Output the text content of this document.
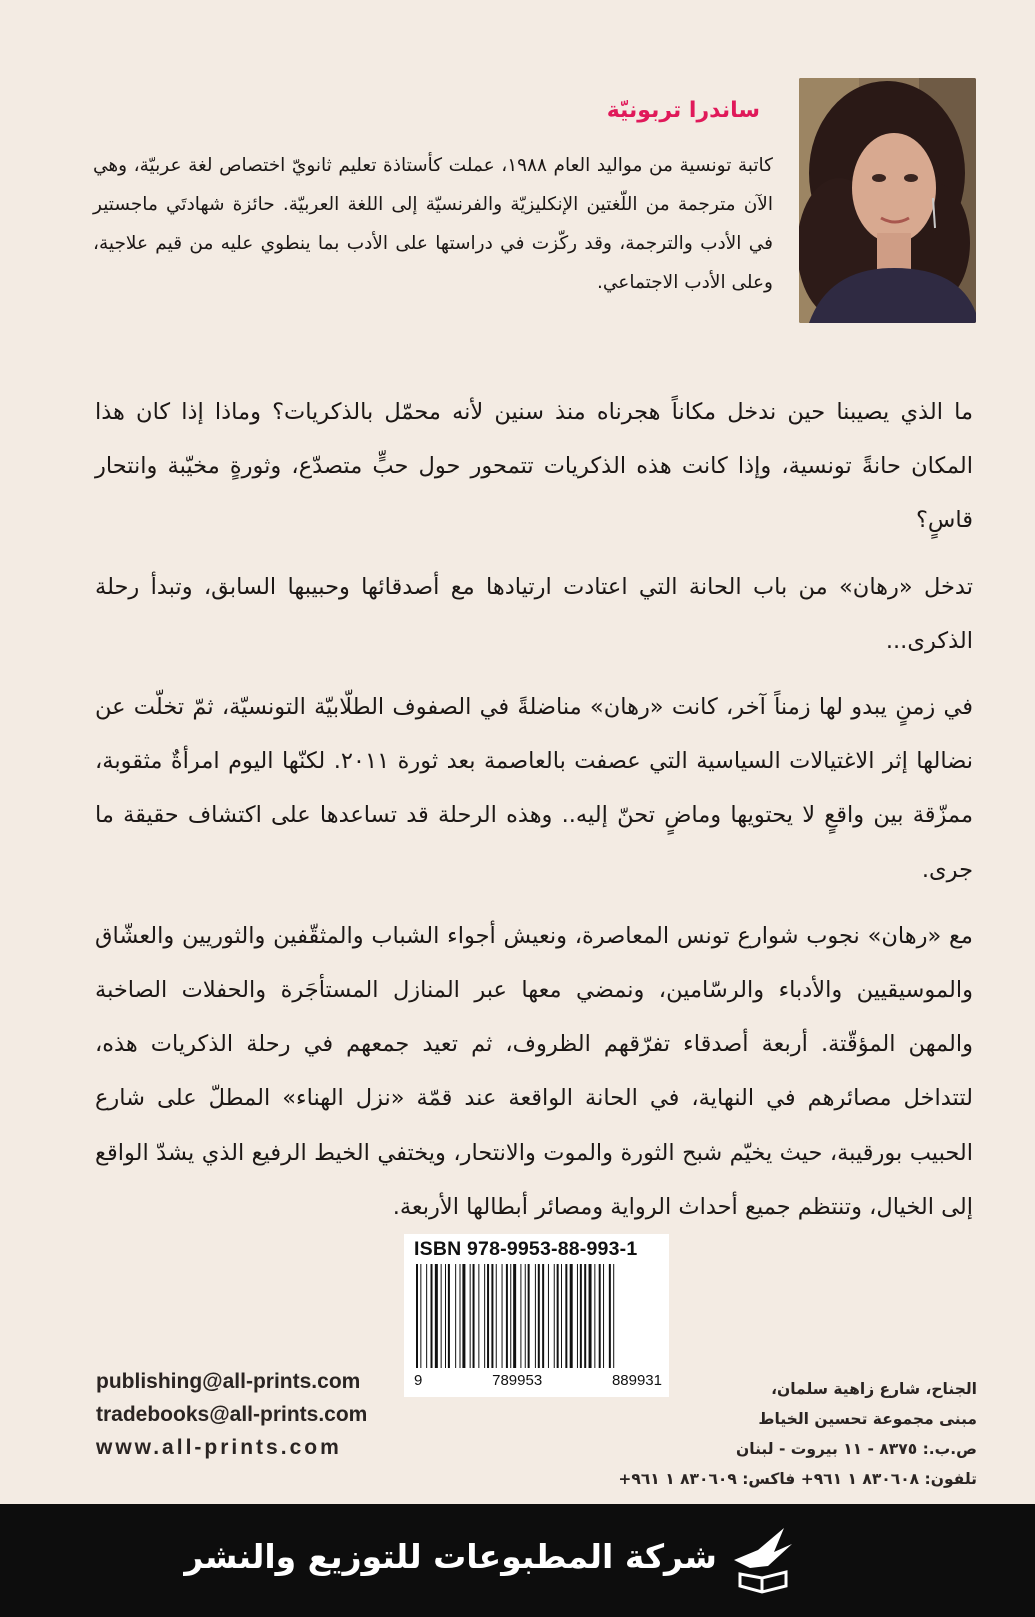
ساندرا تربونيّة

كاتبة تونسية من مواليد العام ١٩٨٨، عملت كأستاذة تعليم ثانويّ اختصاص لغة عربيّة، وهي الآن مترجمة من اللّغتين الإنكليزيّة والفرنسيّة إلى اللغة العربيّة. حائزة شهادتَي ماجستير في الأدب والترجمة، وقد ركّزت في دراستها على الأدب بما ينطوي عليه من قيم علاجية، وعلى الأدب الاجتماعي.

ما الذي يصيبنا حين ندخل مكاناً هجرناه منذ سنين لأنه محمّل بالذكريات؟ وماذا إذا كان هذا المكان حانةً تونسية، وإذا كانت هذه الذكريات تتمحور حول حبٍّ متصدّع، وثورةٍ مخيّبة وانتحار قاسٍ؟

تدخل «رهان» من باب الحانة التي اعتادت ارتيادها مع أصدقائها وحبيبها السابق، وتبدأ رحلة الذكرى...

في زمنٍ يبدو لها زمناً آخر، كانت «رهان» مناضلةً في الصفوف الطلّابيّة التونسيّة، ثمّ تخلّت عن نضالها إثر الاغتيالات السياسية التي عصفت بالعاصمة بعد ثورة ٢٠١١. لكنّها اليوم امرأةٌ مثقوبة، ممزّقة بين واقعٍ لا يحتويها وماضٍ تحنّ إليه.. وهذه الرحلة قد تساعدها على اكتشاف حقيقة ما جرى.

مع «رهان» نجوب شوارع تونس المعاصرة، ونعيش أجواء الشباب والمثقّفين والثوريين والعشّاق والموسيقيين والأدباء والرسّامين، ونمضي معها عبر المنازل المستأجَرة والحفلات الصاخبة والمهن المؤقّتة. أربعة أصدقاء تفرّقهم الظروف، ثم تعيد جمعهم في رحلة الذكريات هذه، لتتداخل مصائرهم في النهاية، في الحانة الواقعة عند قمّة «نزل الهناء» المطلّ على شارع الحبيب بورقيبة، حيث يخيّم شبح الثورة والموت والانتحار، ويختفي الخيط الرفيع الذي يشدّ الواقع إلى الخيال، وتنتظم جميع أحداث الرواية ومصائر أبطالها الأربعة.

ISBN 978-9953-88-993-1
9	789953	889931
publishing@all-prints.com
tradebooks@all-prints.com
www.all-prints.com
الجناح، شارع زاهية سلمان،
مبنى مجموعة تحسين الخياط
ص.ب.: ٨٣٧٥ - ١١ بيروت - لبنان
تلفون: ٨٣٠٦٠٨ ١ ٩٦١+ فاكس: ٨٣٠٦٠٩ ١ ٩٦١+
شركة المطبوعات للتوزيع والنشر
